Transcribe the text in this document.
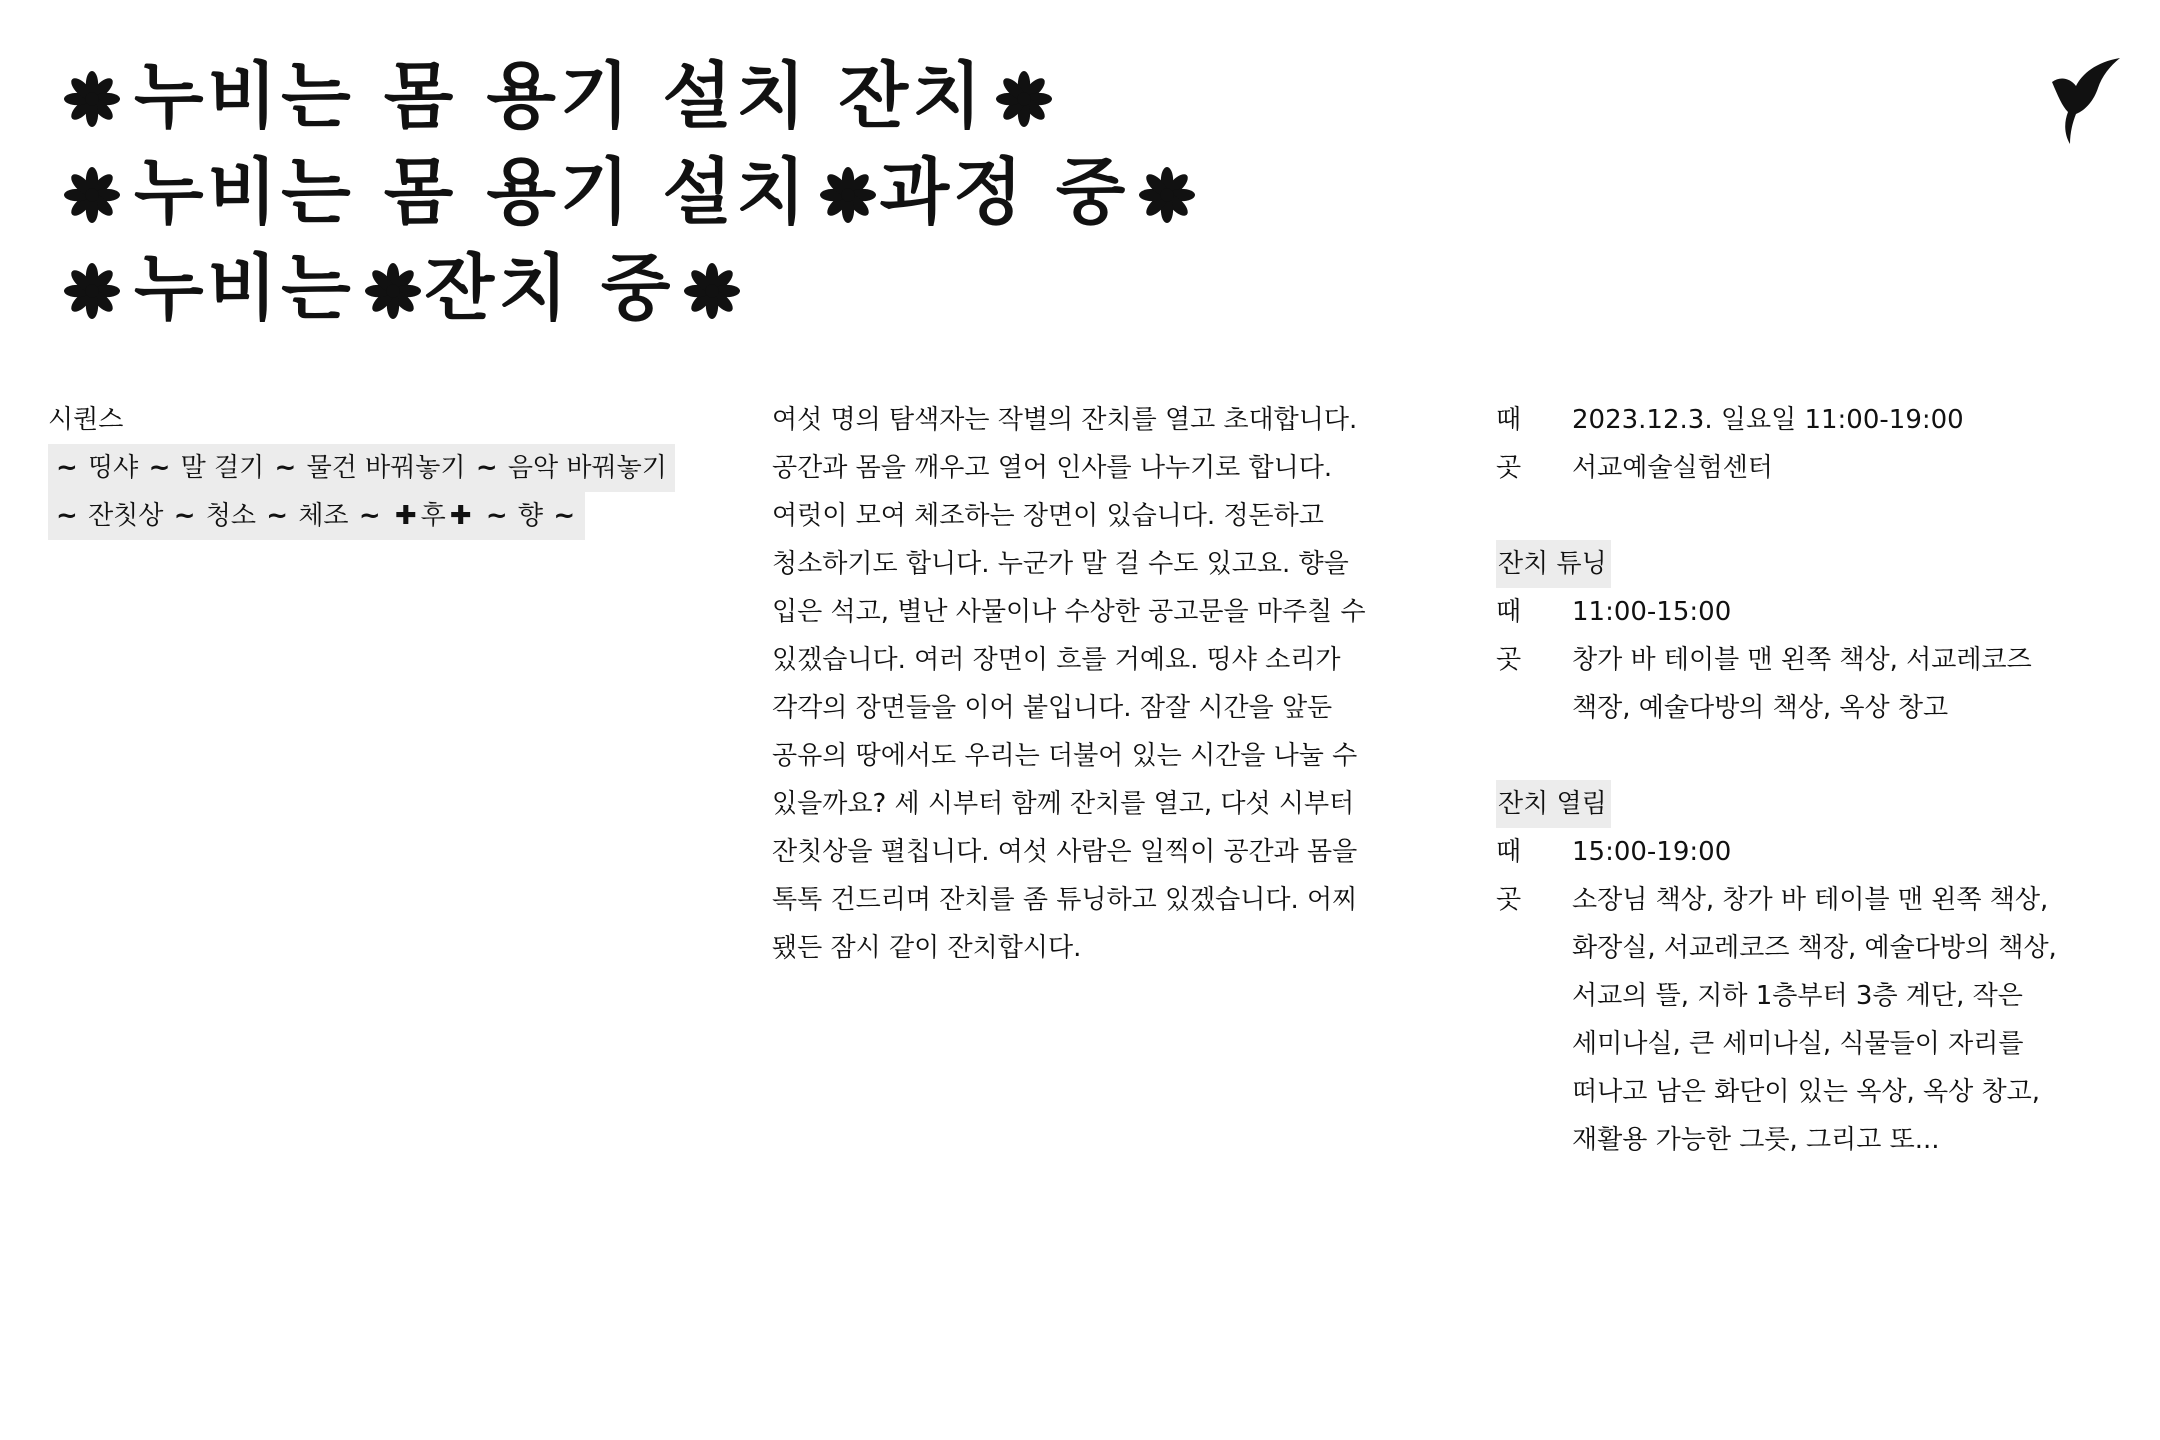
누비는 몸 용기 설치 잔치
누비는 몸 용기 설치 과정 중
누비는 잔치 중
시퀀스
~ 띵샤 ~ 말 걸기 ~ 물건 바꿔놓기 ~ 음악 바꿔놓기
~ 잔칫상 ~ 청소 ~ 체조 ~ ✚ 후 ✚ ~ 향 ~
여섯 명의 탐색자는 작별의 잔치를 열고 초대합니다.
공간과 몸을 깨우고 열어 인사를 나누기로 합니다.
여럿이 모여 체조하는 장면이 있습니다. 정돈하고
청소하기도 합니다. 누군가 말 걸 수도 있고요. 향을
입은 석고, 별난 사물이나 수상한 공고문을 마주칠 수
있겠습니다. 여러 장면이 흐를 거예요. 띵샤 소리가
각각의 장면들을 이어 붙입니다. 잠잘 시간을 앞둔
공유의 땅에서도 우리는 더불어 있는 시간을 나눌 수
있을까요? 세 시부터 함께 잔치를 열고, 다섯 시부터
잔칫상을 펼칩니다. 여섯 사람은 일찍이 공간과 몸을
톡톡 건드리며 잔치를 좀 튜닝하고 있겠습니다. 어찌
됐든 잠시 같이 잔치합시다.
때	2023.12.3. 일요일 11:00-19:00
곳	서교예술실험센터
잔치 튜닝
때	11:00-15:00
곳	창가 바 테이블 맨 왼쪽 책상, 서교레코즈
책장, 예술다방의 책상, 옥상 창고
잔치 열림
때	15:00-19:00
곳	소장님 책상, 창가 바 테이블 맨 왼쪽 책상,
화장실, 서교레코즈 책장, 예술다방의 책상,
서교의 뜰, 지하 1층부터 3층 계단, 작은
세미나실, 큰 세미나실, 식물들이 자리를
떠나고 남은 화단이 있는 옥상, 옥상 창고,
재활용 가능한 그릇, 그리고 또...
